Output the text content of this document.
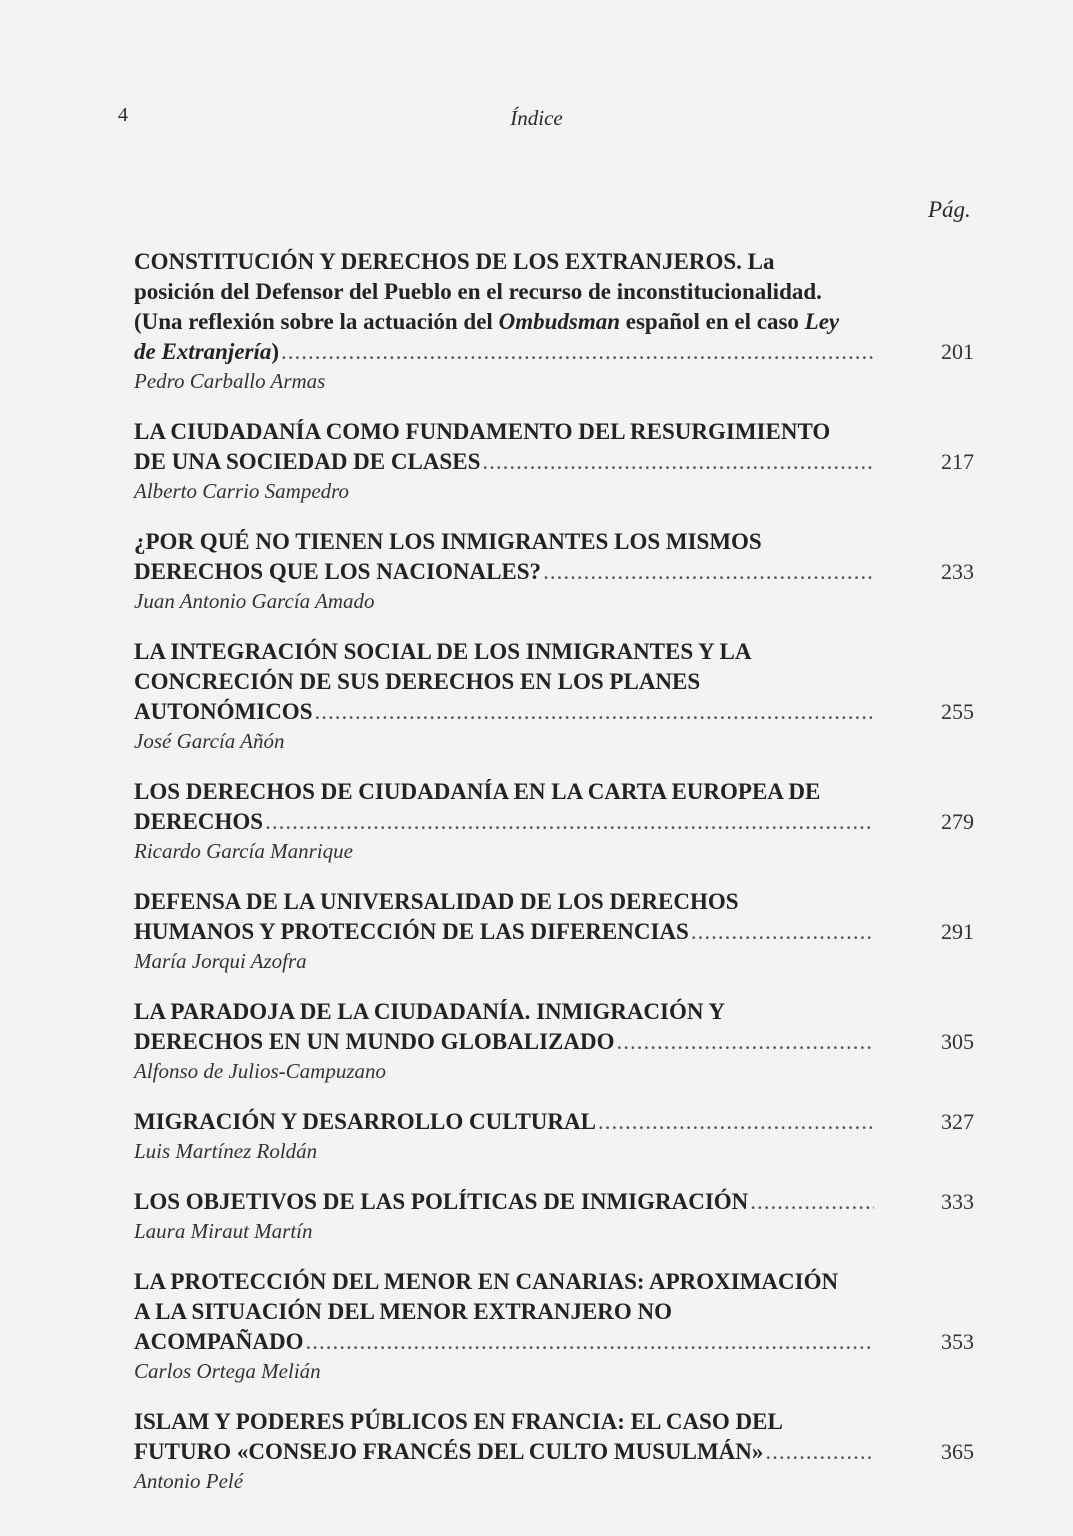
4	Índice
Pág.
CONSTITUCIÓN Y DERECHOS DE LOS EXTRANJEROS. La
posición del Defensor del Pueblo en el recurso de inconstitucionalidad.
(Una reflexión sobre la actuación del Ombudsman español en el caso Ley
de Extranjería) .....	201
Pedro Carballo Armas
LA CIUDADANÍA COMO FUNDAMENTO DEL RESURGIMIENTO
DE UNA SOCIEDAD DE CLASES .....	217
Alberto Carrio Sampedro
¿POR QUÉ NO TIENEN LOS INMIGRANTES LOS MISMOS
DERECHOS QUE LOS NACIONALES? .....	233
Juan Antonio García Amado
LA INTEGRACIÓN SOCIAL DE LOS INMIGRANTES Y LA
CONCRECIÓN DE SUS DERECHOS EN LOS PLANES
AUTONÓMICOS .....	255
José García Añón
LOS DERECHOS DE CIUDADANÍA EN LA CARTA EUROPEA DE
DERECHOS .....	279
Ricardo García Manrique
DEFENSA DE LA UNIVERSALIDAD DE LOS DERECHOS
HUMANOS Y PROTECCIÓN DE LAS DIFERENCIAS .....	291
María Jorqui Azofra
LA PARADOJA DE LA CIUDADANÍA. INMIGRACIÓN Y
DERECHOS EN UN MUNDO GLOBALIZADO .....	305
Alfonso de Julios-Campuzano
MIGRACIÓN Y DESARROLLO CULTURAL .....	327
Luis Martínez Roldán
LOS OBJETIVOS DE LAS POLÍTICAS DE INMIGRACIÓN .....	333
Laura Miraut Martín
LA PROTECCIÓN DEL MENOR EN CANARIAS: APROXIMACIÓN
A LA SITUACIÓN DEL MENOR EXTRANJERO NO
ACOMPAÑADO .....	353
Carlos Ortega Melián
ISLAM Y PODERES PÚBLICOS EN FRANCIA: EL CASO DEL
FUTURO «CONSEJO FRANCÉS DEL CULTO MUSULMÁN» .....	365
Antonio Pelé
